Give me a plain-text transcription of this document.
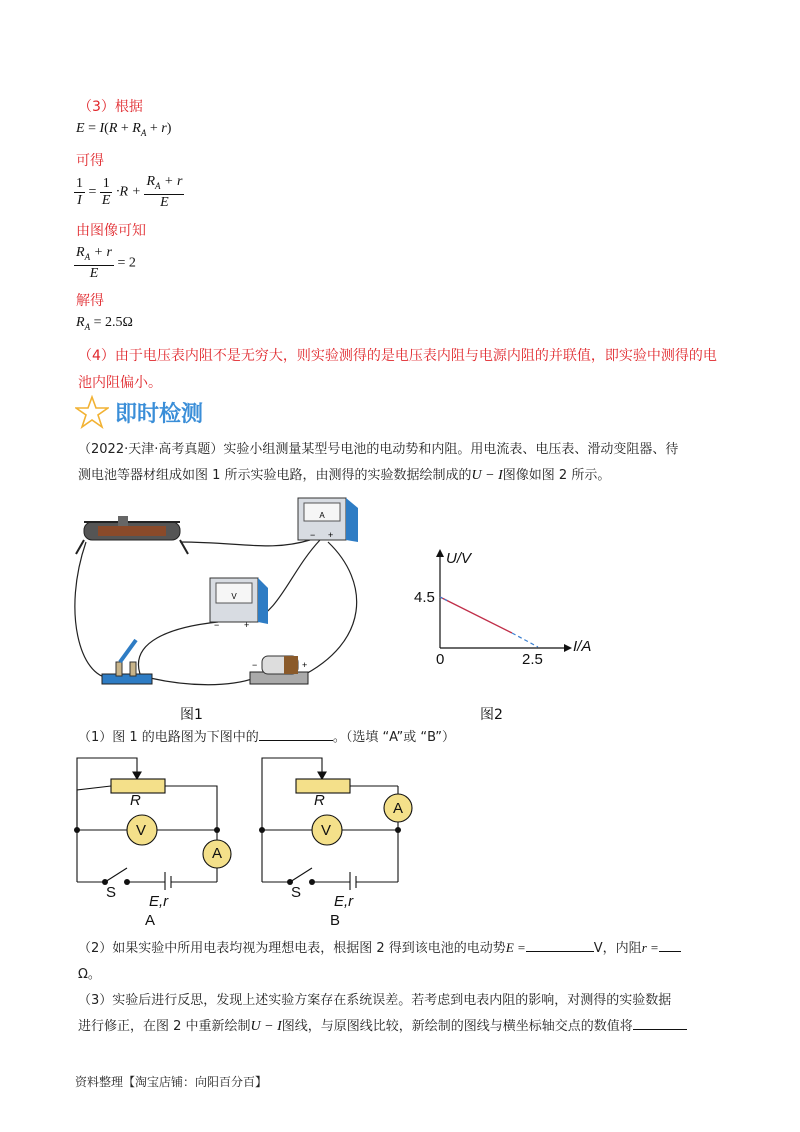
（3）根据
$E = I(R + R_A + r)$
可得
$\frac{1}{I} = \frac{1}{E} \cdot R + \frac{R_A + r}{E}$
由图像可知
$\frac{R_A + r}{E} = 2$
解得
$R_A = 2.5\Omega$
（4）由于电压表内阻不是无穷大，则实验测得的是电压表内阻与电源内阻的并联值，即实验中测得的电
池内阻偏小。
即时检测
（2022·天津·高考真题）实验小组测量某型号电池的电动势和内阻。用电流表、电压表、滑动变阻器、待
测电池等器材组成如图 1 所示实验电路，由测得的实验数据绘制成的U − I图像如图 2 所示。
A
− +
V
−	+
−	+
图1
U/V
I/A
4.5
2.5
0
图2
（1）图 1 的电路图为下图中的	。（选填 “A”或 “B”）
R
V
A
S
E,r
A
R
V
A
S
E,r
B
（2）如果实验中所用电表均视为理想电表，根据图 2 得到该电池的电动势E =	V，内阻r =
Ω。
（3）实验后进行反思，发现上述实验方案存在系统误差。若考虑到电表内阻的影响，对测得的实验数据
进行修正，在图 2 中重新绘制U − I图线，与原图线比较，新绘制的图线与横坐标轴交点的数值将
资料整理【淘宝店铺：向阳百分百】
